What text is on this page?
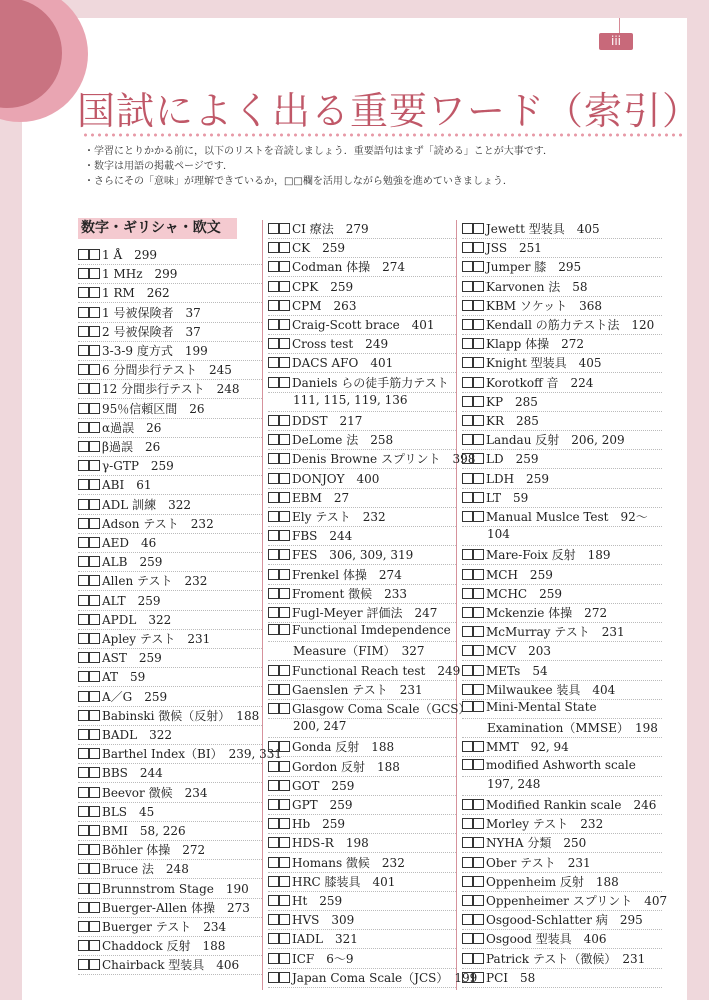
iii
国試によく出る重要ワード（索引）
・学習にとりかかる前に，以下のリストを音読しましょう．重要語句はまず「読める」ことが大事です．
・数字は用語の掲載ページです．
・さらにその「意味」が理解できているか，□□欄を活用しながら勉強を進めていきましょう．
数字・ギリシャ・欧文
1 Å　299
1 MHz　299
1 RM　262
1 号被保険者　37
2 号被保険者　37
3-3-9 度方式　199
6 分間歩行テスト　245
12 分間歩行テスト　248
95％信頼区間　26
α過誤　26
β過誤　26
γ-GTP　259
ABI　61
ADL 訓練　322
Adson テスト　232
AED　46
ALB　259
Allen テスト　232
ALT　259
APDL　322
Apley テスト　231
AST　259
AT　59
A／G　259
Babinski 徴候（反射）　188
BADL　322
Barthel Index（BI）　239, 331
BBS　244
Beevor 徴候　234
BLS　45
BMI　58, 226
Böhler 体操　272
Bruce 法　248
Brunnstrom Stage　190
Buerger-Allen 体操　273
Buerger テスト　234
Chaddock 反射　188
Chairback 型装具　406
CI 療法　279
CK　259
Codman 体操　274
CPK　259
CPM　263
Craig-Scott brace　401
Cross test　249
DACS AFO　401
Daniels らの徒手筋力テスト
111, 115, 119, 136
DDST　217
DeLome 法　258
Denis Browne スプリント　398
DONJOY　400
EBM　27
Ely テスト　232
FBS　244
FES　306, 309, 319
Frenkel 体操　274
Froment 徴候　233
Fugl-Meyer 評価法　247
Functional Imdependence
Measure（FIM）　327
Functional Reach test　249
Gaenslen テスト　231
Glasgow Coma Scale（GCS）
200, 247
Gonda 反射　188
Gordon 反射　188
GOT　259
GPT　259
Hb　259
HDS-R　198
Homans 徴候　232
HRC 膝装具　401
Ht　259
HVS　309
IADL　321
ICF　6～9
Japan Coma Scale（JCS）　199
Jewett 型装具　405
JSS　251
Jumper 膝　295
Karvonen 法　58
KBM ソケット　368
Kendall の筋力テスト法　120
Klapp 体操　272
Knight 型装具　405
Korotkoff 音　224
KP　285
KR　285
Landau 反射　206, 209
LD　259
LDH　259
LT　59
Manual Muslce Test　92～
104
Mare-Foix 反射　189
MCH　259
MCHC　259
Mckenzie 体操　272
McMurray テスト　231
MCV　203
METs　54
Milwaukee 装具　404
Mini-Mental State
Examination（MMSE）　198
MMT　92, 94
modified Ashworth scale
197, 248
Modified Rankin scale　246
Morley テスト　232
NYHA 分類　250
Ober テスト　231
Oppenheim 反射　188
Oppenheimer スプリント　407
Osgood-Schlatter 病　295
Osgood 型装具　406
Patrick テスト（徴候）　231
PCI　58
